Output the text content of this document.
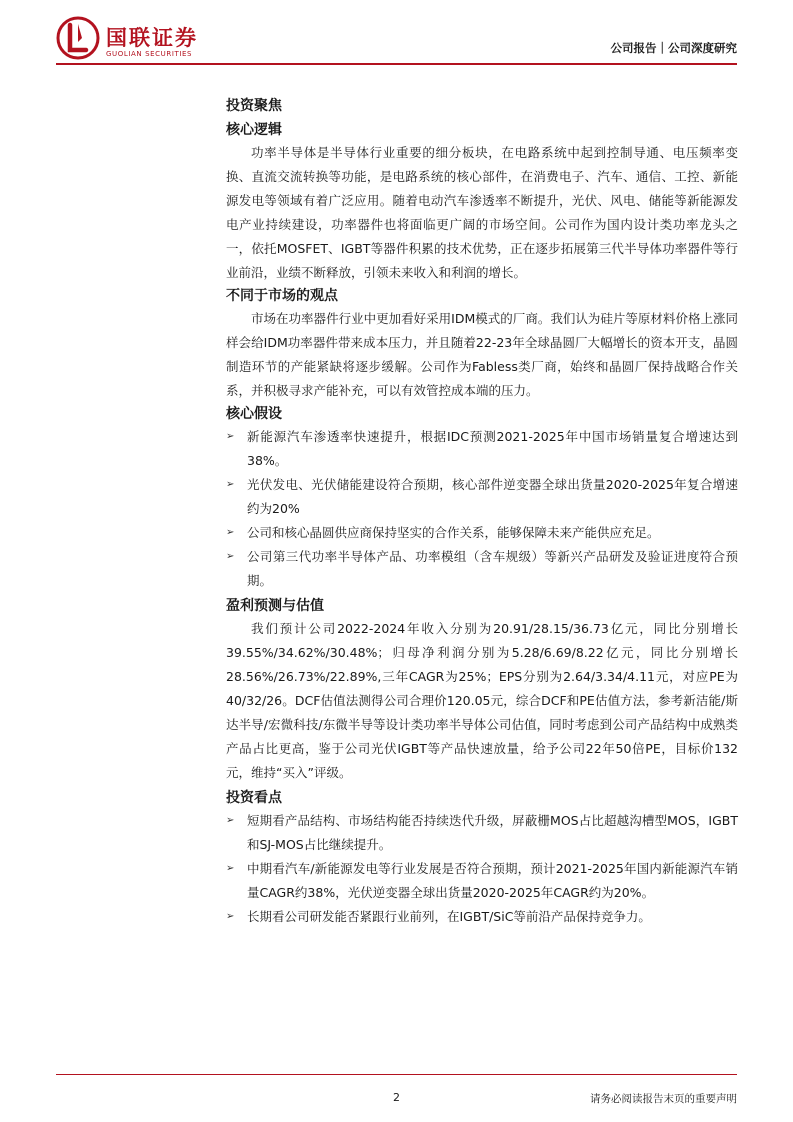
国联证券
GUOLIAN SECURITIES	公司报告｜公司深度研究
投资聚焦
核心逻辑

功率半导体是半导体行业重要的细分板块，在电路系统中起到控制导通、电压频率变换、直流交流转换等功能，是电路系统的核心部件，在消费电子、汽车、通信、工控、新能源发电等领域有着广泛应用。随着电动汽车渗透率不断提升，光伏、风电、储能等新能源发电产业持续建设，功率器件也将面临更广阔的市场空间。公司作为国内设计类功率龙头之一，依托MOSFET、IGBT等器件积累的技术优势，正在逐步拓展第三代半导体功率器件等行业前沿，业绩不断释放，引领未来收入和利润的增长。

不同于市场的观点

市场在功率器件行业中更加看好采用IDM模式的厂商。我们认为硅片等原材料价格上涨同样会给IDM功率器件带来成本压力，并且随着22-23年全球晶圆厂大幅增长的资本开支，晶圆制造环节的产能紧缺将逐步缓解。公司作为Fabless类厂商，始终和晶圆厂保持战略合作关系，并积极寻求产能补充，可以有效管控成本端的压力。

核心假设
➢ 新能源汽车渗透率快速提升，根据IDC预测2021-2025年中国市场销量复合增速达到38%。
➢ 光伏发电、光伏储能建设符合预期，核心部件逆变器全球出货量2020-2025年复合增速约为20%
➢ 公司和核心晶圆供应商保持坚实的合作关系，能够保障未来产能供应充足。
➢ 公司第三代功率半导体产品、功率模组（含车规级）等新兴产品研发及验证进度符合预期。
盈利预测与估值

我们预计公司2022-2024年收入分别为20.91/28.15/36.73亿元，同比分别增长39.55%/34.62%/30.48%；归母净利润分别为5.28/6.69/8.22亿元，同比分别增长28.56%/26.73%/22.89%,三年CAGR为25%；EPS分别为2.64/3.34/4.11元，对应PE为40/32/26。DCF估值法测得公司合理价120.05元，综合DCF和PE估值方法，参考新洁能/斯达半导/宏微科技/东微半导等设计类功率半导体公司估值，同时考虑到公司产品结构中成熟类产品占比更高，鉴于公司光伏IGBT等产品快速放量，给予公司22年50倍PE，目标价132元，维持“买入”评级。

投资看点
➢ 短期看产品结构、市场结构能否持续迭代升级，屏蔽栅MOS占比超越沟槽型MOS，IGBT和SJ-MOS占比继续提升。
➢ 中期看汽车/新能源发电等行业发展是否符合预期，预计2021-2025年国内新能源汽车销量CAGR约38%，光伏逆变器全球出货量2020-2025年CAGR约为20%。
➢ 长期看公司研发能否紧跟行业前列，在IGBT/SiC等前沿产品保持竞争力。
2	请务必阅读报告末页的重要声明
